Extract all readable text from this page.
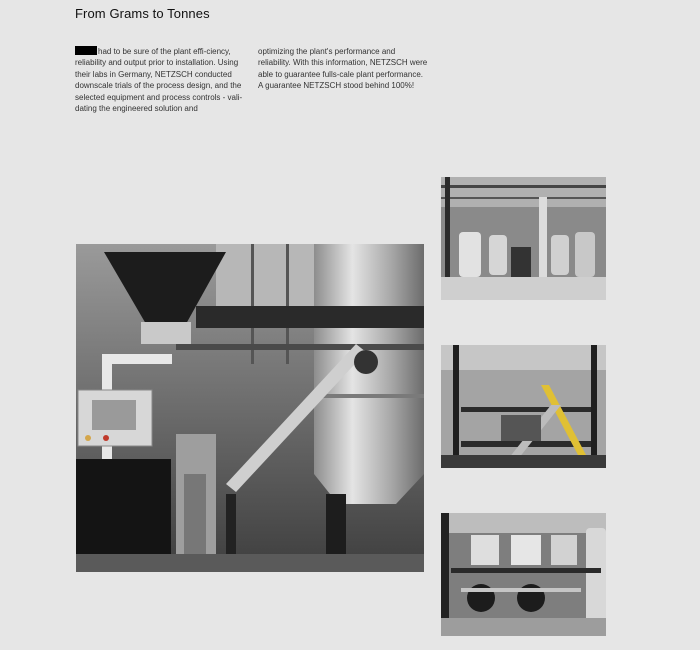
From Grams to Tonnes

had to be sure of the plant effi-ciency, reliability and output prior to installation. Using their labs in Germany, NETZSCH conducted downscale trials of the process design, and the selected equipment and process controls - vali-dating the engineered solution and

optimizing the plant's performance and reliability. With this information, NETZSCH were able to guarantee fulls-cale plant performance.

A guarantee NETZSCH stood behind 100%!
